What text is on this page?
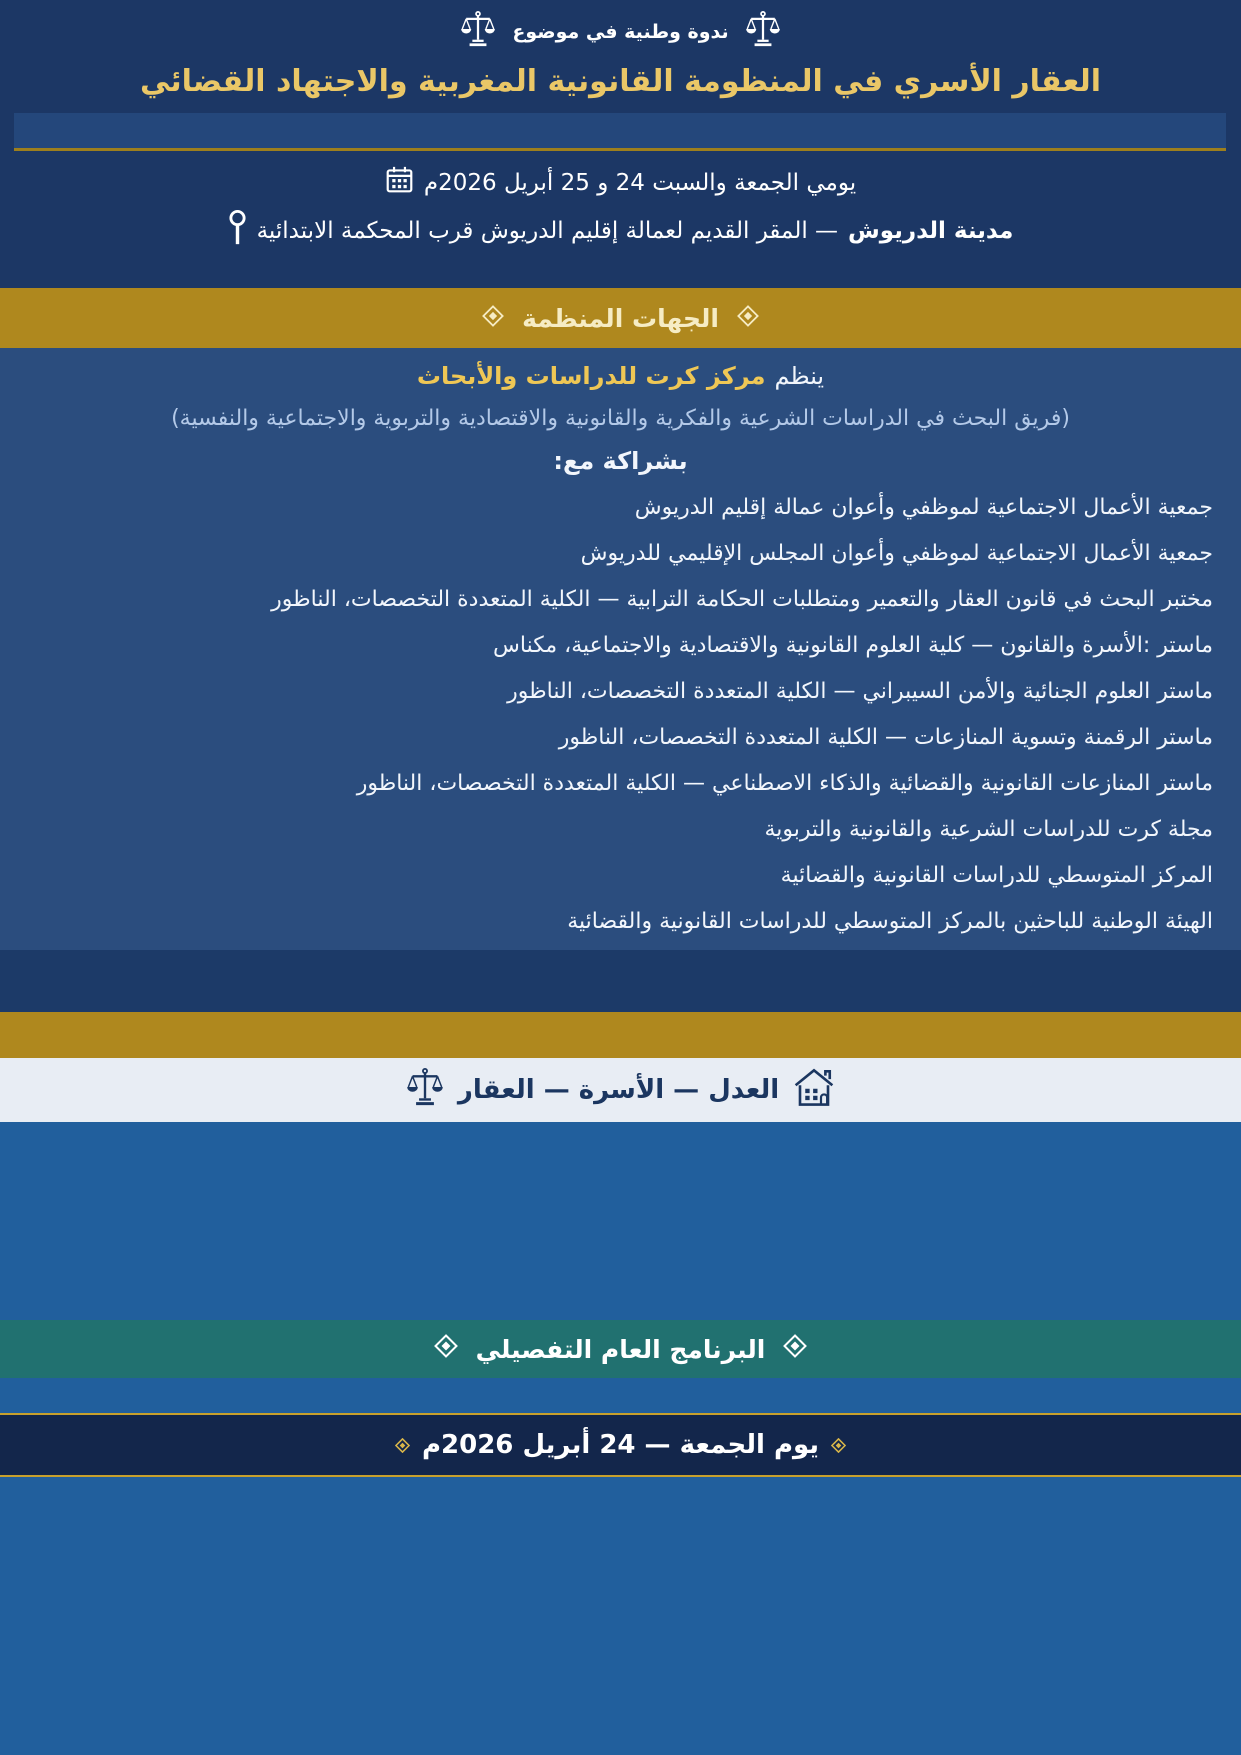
ندوة وطنية في موضوع
العقار الأسري في المنظومة القانونية المغربية والاجتهاد القضائي
يومي الجمعة والسبت 24 و 25 أبريل 2026م
مدينة الدريوش
— المقر القديم لعمالة إقليم الدريوش قرب المحكمة الابتدائية
الجهات المنظمة

ينظم
مركز كرت للدراسات والأبحاث

(فريق البحث في الدراسات الشرعية والفكرية والقانونية والاقتصادية والتربوية والاجتماعية والنفسية)

بشراكة مع:

جمعية الأعمال الاجتماعية لموظفي وأعوان عمالة إقليم الدريوش
جمعية الأعمال الاجتماعية لموظفي وأعوان المجلس الإقليمي للدريوش
مختبر البحث في قانون العقار والتعمير ومتطلبات الحكامة الترابية — الكلية المتعددة التخصصات، الناظور
ماستر :الأسرة والقانون — كلية العلوم القانونية والاقتصادية والاجتماعية، مكناس
ماستر العلوم الجنائية والأمن السيبراني — الكلية المتعددة التخصصات، الناظور
ماستر الرقمنة وتسوية المنازعات — الكلية المتعددة التخصصات، الناظور
ماستر المنازعات القانونية والقضائية والذكاء الاصطناعي — الكلية المتعددة التخصصات، الناظور
مجلة كرت للدراسات الشرعية والقانونية والتربوية
المركز المتوسطي للدراسات القانونية والقضائية
الهيئة الوطنية للباحثين بالمركز المتوسطي للدراسات القانونية والقضائية
العدل — الأسرة — العقار
البرنامج العام التفصيلي
يوم الجمعة — 24 أبريل 2026م
